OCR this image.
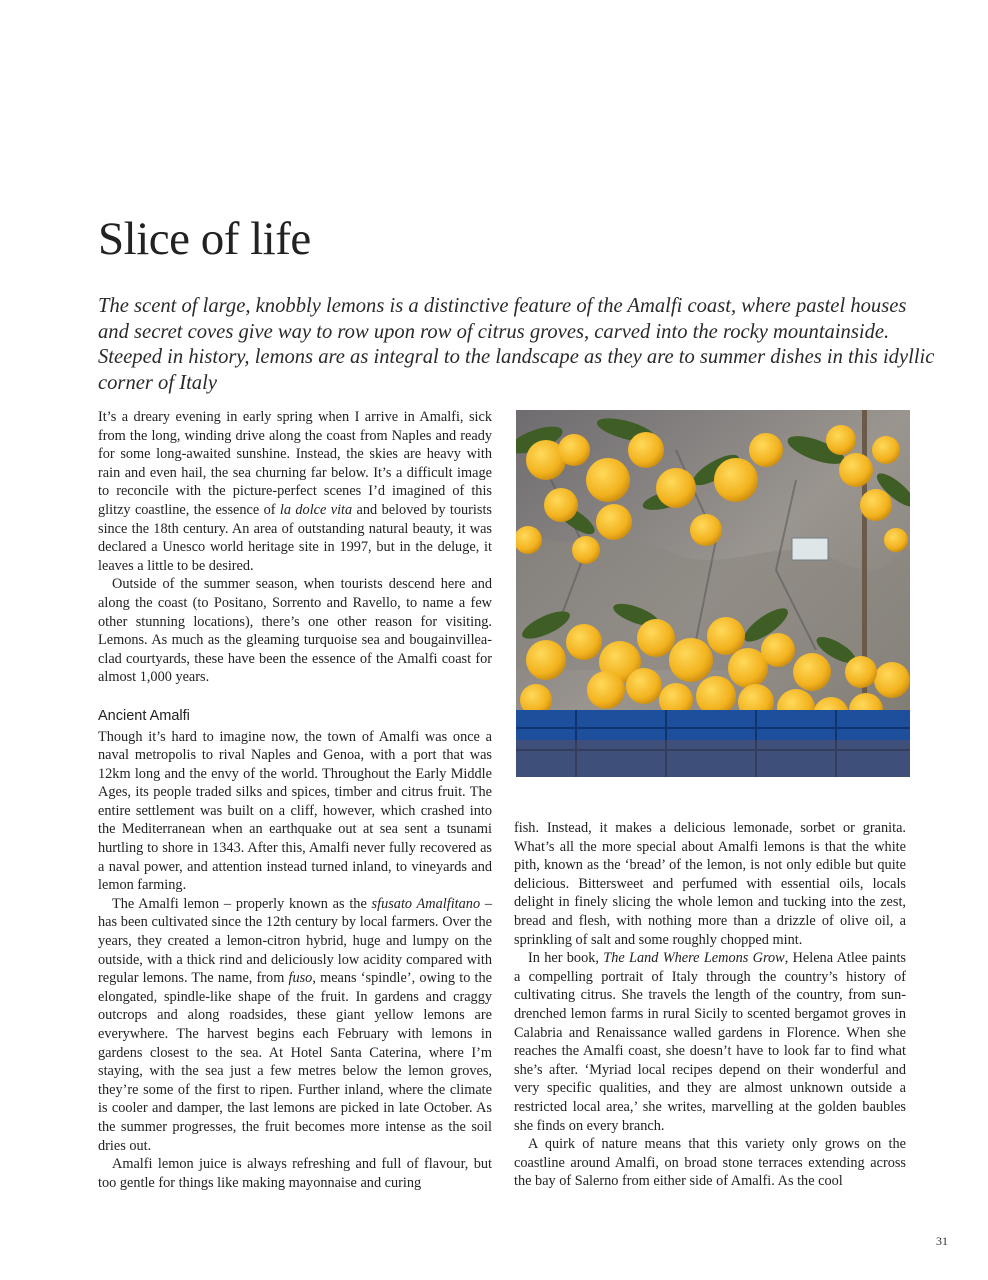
Slice of life

The scent of large, knobbly lemons is a distinctive feature of the Amalfi coast, where pastel houses and secret coves give way to row upon row of citrus groves, carved into the rocky mountainside. Steeped in history, lemons are as integral to the landscape as they are to summer dishes in this idyllic corner of Italy

It’s a dreary evening in early spring when I arrive in Amalfi, sick from the long, winding drive along the coast from Naples and ready for some long-awaited sunshine. Instead, the skies are heavy with rain and even hail, the sea churning far below. It’s a difficult image to reconcile with the picture-perfect scenes I’d imagined of this glitzy coastline, the essence of la dolce vita and beloved by tourists since the 18th century. An area of outstanding natural beauty, it was declared a Unesco world heritage site in 1997, but in the deluge, it leaves a little to be desired.

Outside of the summer season, when tourists descend here and along the coast (to Positano, Sorrento and Ravello, to name a few other stunning locations), there’s one other reason for visiting. Lemons. As much as the gleaming turquoise sea and bougainvillea-clad courtyards, these have been the essence of the Amalfi coast for almost 1,000 years.

Ancient Amalfi

Though it’s hard to imagine now, the town of Amalfi was once a naval metropolis to rival Naples and Genoa, with a port that was 12km long and the envy of the world. Throughout the Early Middle Ages, its people traded silks and spices, timber and citrus fruit. The entire settlement was built on a cliff, however, which crashed into the Mediterranean when an earthquake out at sea sent a tsunami hurtling to shore in 1343. After this, Amalfi never fully recovered as a naval power, and attention instead turned inland, to vineyards and lemon farming.

The Amalfi lemon – properly known as the sfusato Amalfitano – has been cultivated since the 12th century by local farmers. Over the years, they created a lemon-citron hybrid, huge and lumpy on the outside, with a thick rind and deliciously low acidity compared with regular lemons. The name, from fuso, means ‘spindle’, owing to the elongated, spindle-like shape of the fruit. In gardens and craggy outcrops and along roadsides, these giant yellow lemons are everywhere. The harvest begins each February with lemons in gardens closest to the sea. At Hotel Santa Caterina, where I’m staying, with the sea just a few metres below the lemon groves, they’re some of the first to ripen. Further inland, where the climate is cooler and damper, the last lemons are picked in late October. As the summer progresses, the fruit becomes more intense as the soil dries out.

Amalfi lemon juice is always refreshing and full of flavour, but too gentle for things like making mayonnaise and curing

fish. Instead, it makes a delicious lemonade, sorbet or granita. What’s all the more special about Amalfi lemons is that the white pith, known as the ‘bread’ of the lemon, is not only edible but quite delicious. Bittersweet and perfumed with essential oils, locals delight in finely slicing the whole lemon and tucking into the zest, bread and flesh, with nothing more than a drizzle of olive oil, a sprinkling of salt and some roughly chopped mint.

In her book, The Land Where Lemons Grow, Helena Atlee paints a compelling portrait of Italy through the country’s history of cultivating citrus. She travels the length of the country, from sun-drenched lemon farms in rural Sicily to scented bergamot groves in Calabria and Renaissance walled gardens in Florence. When she reaches the Amalfi coast, she doesn’t have to look far to find what she’s after. ‘Myriad local recipes depend on their wonderful and very specific qualities, and they are almost unknown outside a restricted local area,’ she writes, marvelling at the golden baubles she finds on every branch.

A quirk of nature means that this variety only grows on the coastline around Amalfi, on broad stone terraces extending across the bay of Salerno from either side of Amalfi. As the cool

31
